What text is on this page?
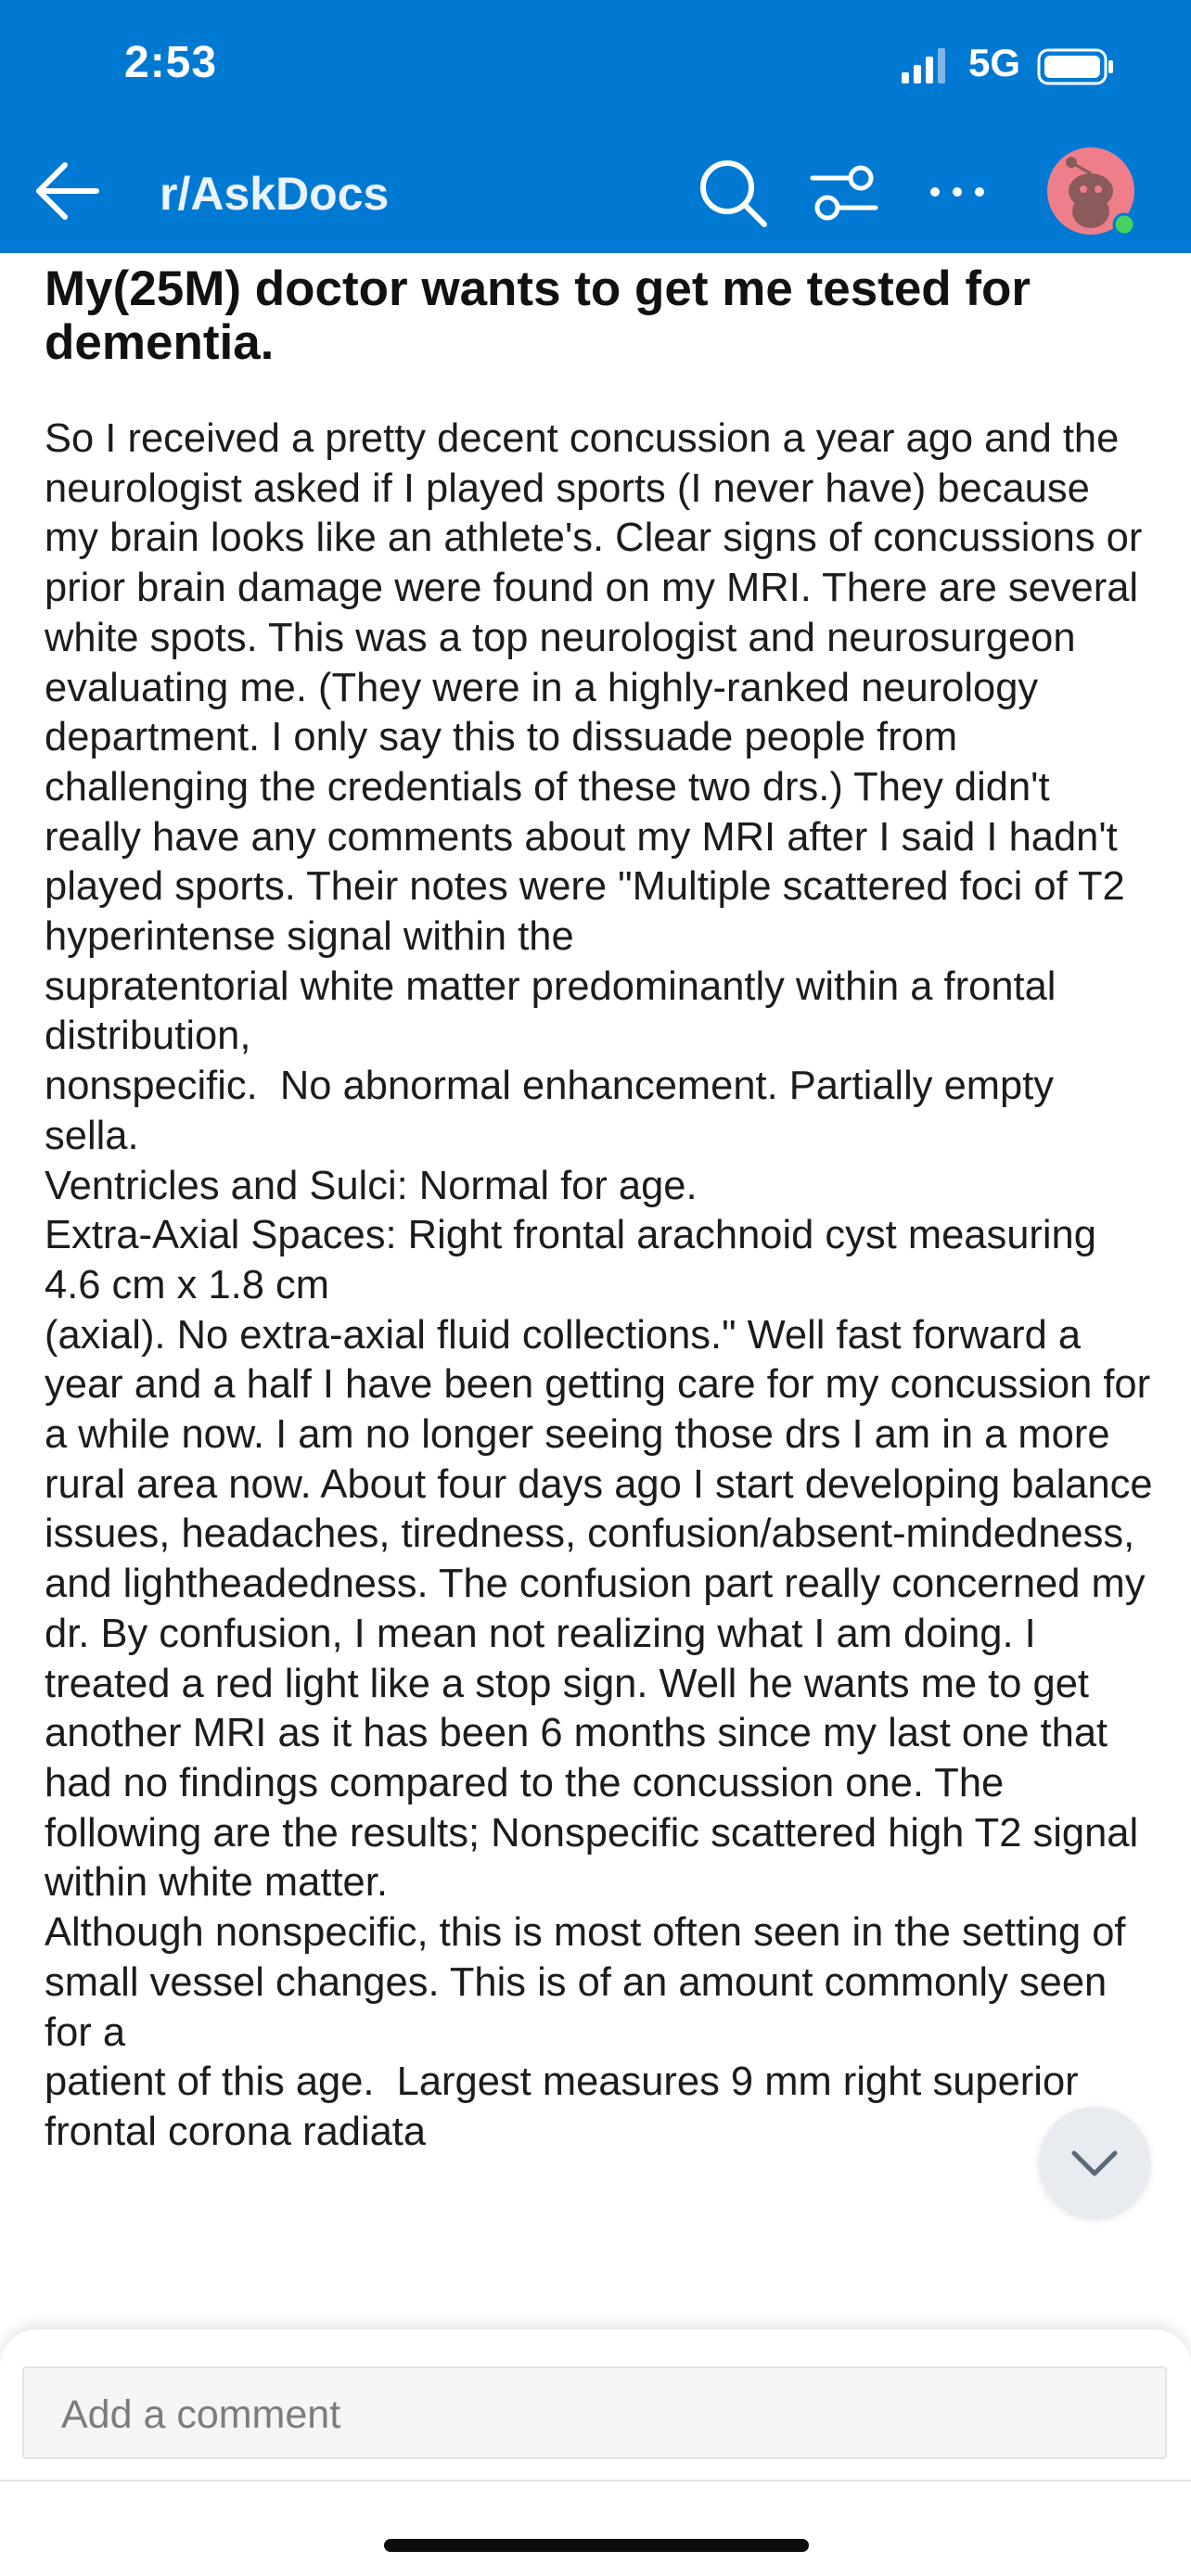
2:53	5G
r/AskDocs
My(25M) doctor wants to get me tested for dementia.
So I received a pretty decent concussion a year ago and the neurologist asked if I played sports (I never have) because my brain looks like an athlete's. Clear signs of concussions or prior brain damage were found on my MRI. There are several white spots. This was a top neurologist and neurosurgeon evaluating me. (They were in a highly-ranked neurology department. I only say this to dissuade people from challenging the credentials of these two drs.) They didn't really have any comments about my MRI after I said I hadn't played sports. Their notes were "Multiple scattered foci of T2 hyperintense signal within the
supratentorial white matter predominantly within a frontal distribution,
nonspecific.  No abnormal enhancement. Partially empty sella.
Ventricles and Sulci: Normal for age.
Extra-Axial Spaces: Right frontal arachnoid cyst measuring 4.6 cm x 1.8 cm
(axial). No extra-axial fluid collections." Well fast forward a year and a half I have been getting care for my concussion for a while now. I am no longer seeing those drs I am in a more rural area now. About four days ago I start developing balance issues, headaches, tiredness, confusion/absent-mindedness, and lightheadedness. The confusion part really concerned my dr. By confusion, I mean not realizing what I am doing. I treated a red light like a stop sign. Well he wants me to get another MRI as it has been 6 months since my last one that had no findings compared to the concussion one. The following are the results; Nonspecific scattered high T2 signal within white matter.
Although nonspecific, this is most often seen in the setting of
small vessel changes. This is of an amount commonly seen for a
patient of this age.  Largest measures 9 mm right superior
frontal corona radiata
Add a comment
